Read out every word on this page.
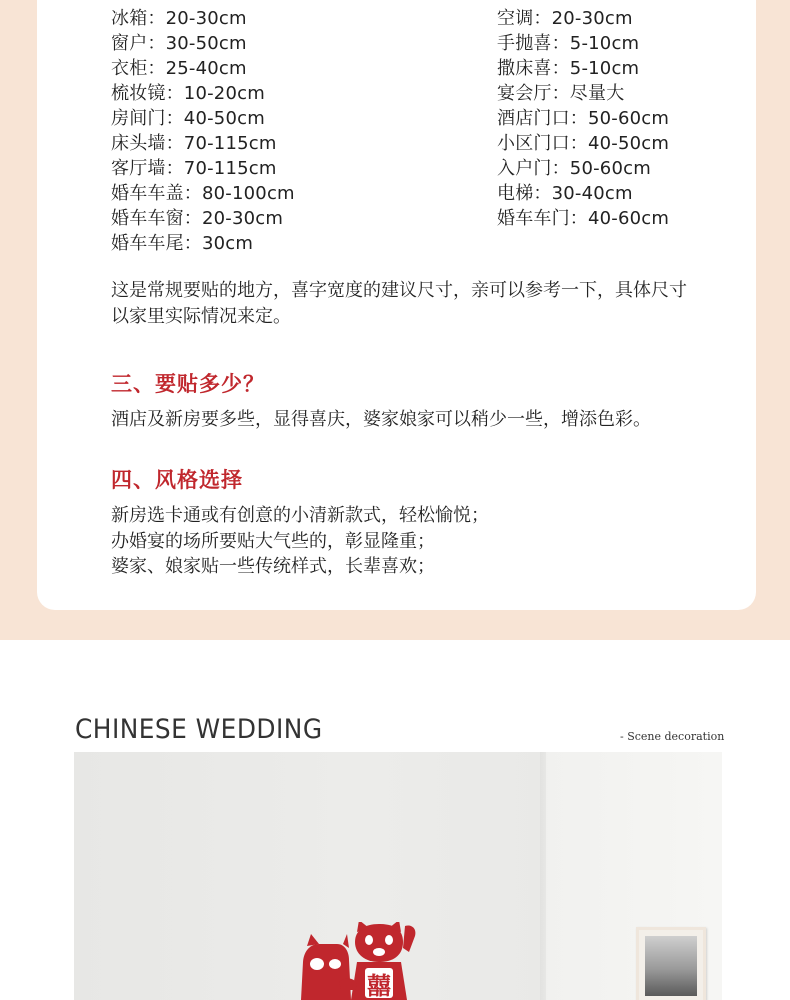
冰箱：20-30cm
窗户：30-50cm
衣柜：25-40cm
梳妆镜：10-20cm
房间门：40-50cm
床头墙：70-115cm
客厅墙：70-115cm
婚车车盖：80-100cm
婚车车窗：20-30cm
婚车车尾：30cm
空调：20-30cm
手抛喜：5-10cm
撒床喜：5-10cm
宴会厅：尽量大
酒店门口：50-60cm
小区门口：40-50cm
入户门：50-60cm
电梯：30-40cm
婚车车门：40-60cm

这是常规要贴的地方，喜字宽度的建议尺寸，亲可以参考一下，具体尺寸以家里实际情况来定。

三、要贴多少？

酒店及新房要多些，显得喜庆，婆家娘家可以稍少一些，增添色彩。

四、风格选择
新房选卡通或有创意的小清新款式，轻松愉悦；
办婚宴的场所要贴大气些的，彰显隆重；
婆家、娘家贴一些传统样式，长辈喜欢；
CHINESE WEDDING	- Scene decoration
囍
